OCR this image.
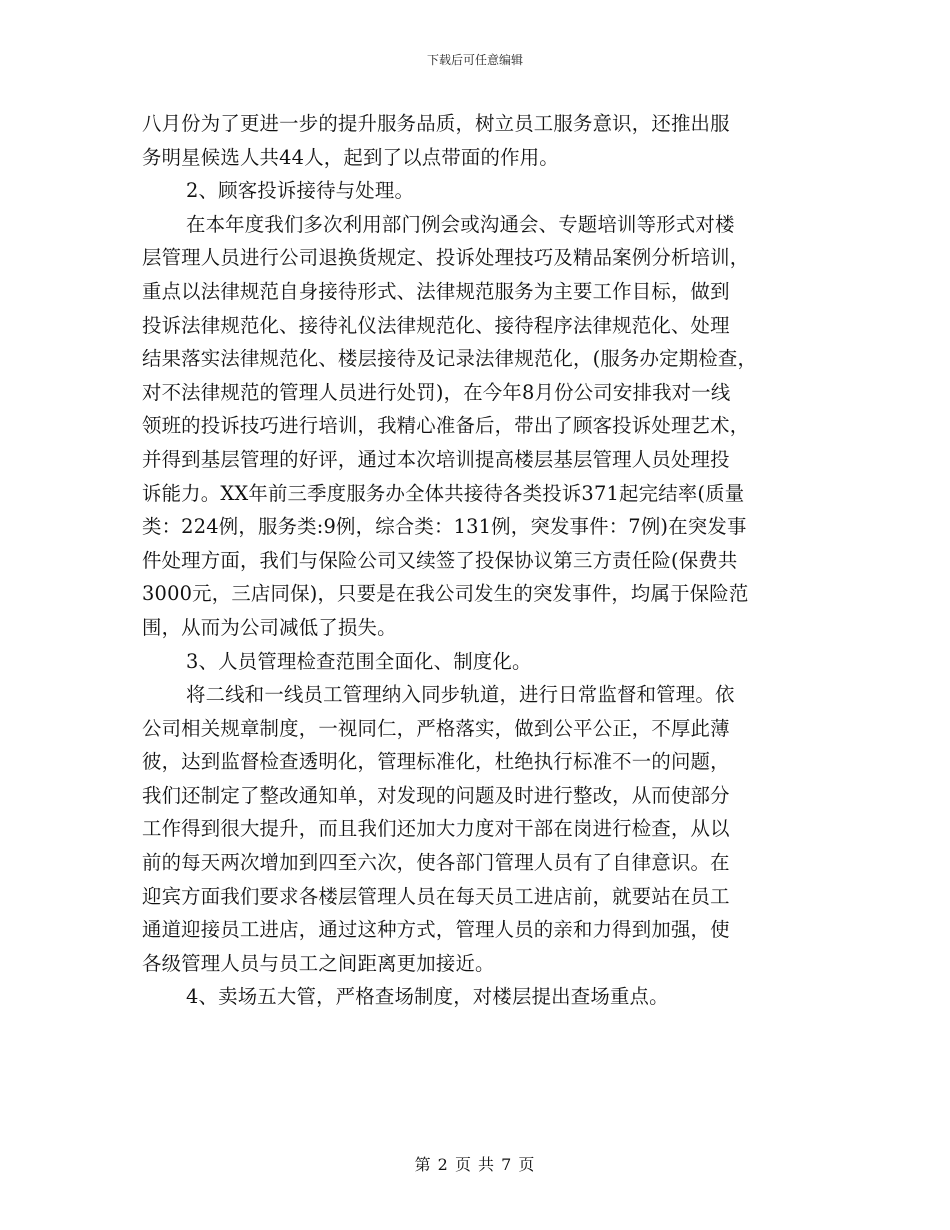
下载后可任意编辑
八月份为了更进一步的提升服务品质，树立员工服务意识，还推出服
务明星候选人共44人，起到了以点带面的作用。
2、顾客投诉接待与处理。
在本年度我们多次利用部门例会或沟通会、专题培训等形式对楼
层管理人员进行公司退换货规定、投诉处理技巧及精品案例分析培训，
重点以法律规范自身接待形式、法律规范服务为主要工作目标，做到
投诉法律规范化、接待礼仪法律规范化、接待程序法律规范化、处理
结果落实法律规范化、楼层接待及记录法律规范化，(服务办定期检查，
对不法律规范的管理人员进行处罚)，在今年8月份公司安排我对一线
领班的投诉技巧进行培训，我精心准备后，带出了顾客投诉处理艺术，
并得到基层管理的好评，通过本次培训提高楼层基层管理人员处理投
诉能力。XX年前三季度服务办全体共接待各类投诉371起完结率(质量
类：224例，服务类:9例，综合类：131例，突发事件：7例)在突发事
件处理方面，我们与保险公司又续签了投保协议第三方责任险(保费共
3000元，三店同保)，只要是在我公司发生的突发事件，均属于保险范
围，从而为公司减低了损失。
3、人员管理检查范围全面化、制度化。
将二线和一线员工管理纳入同步轨道，进行日常监督和管理。依
公司相关规章制度，一视同仁，严格落实，做到公平公正，不厚此薄
彼，达到监督检查透明化，管理标准化，杜绝执行标准不一的问题，
我们还制定了整改通知单，对发现的问题及时进行整改，从而使部分
工作得到很大提升，而且我们还加大力度对干部在岗进行检查，从以
前的每天两次增加到四至六次，使各部门管理人员有了自律意识。在
迎宾方面我们要求各楼层管理人员在每天员工进店前，就要站在员工
通道迎接员工进店，通过这种方式，管理人员的亲和力得到加强，使
各级管理人员与员工之间距离更加接近。
4、卖场五大管，严格查场制度，对楼层提出查场重点。
第 2 页 共 7 页
